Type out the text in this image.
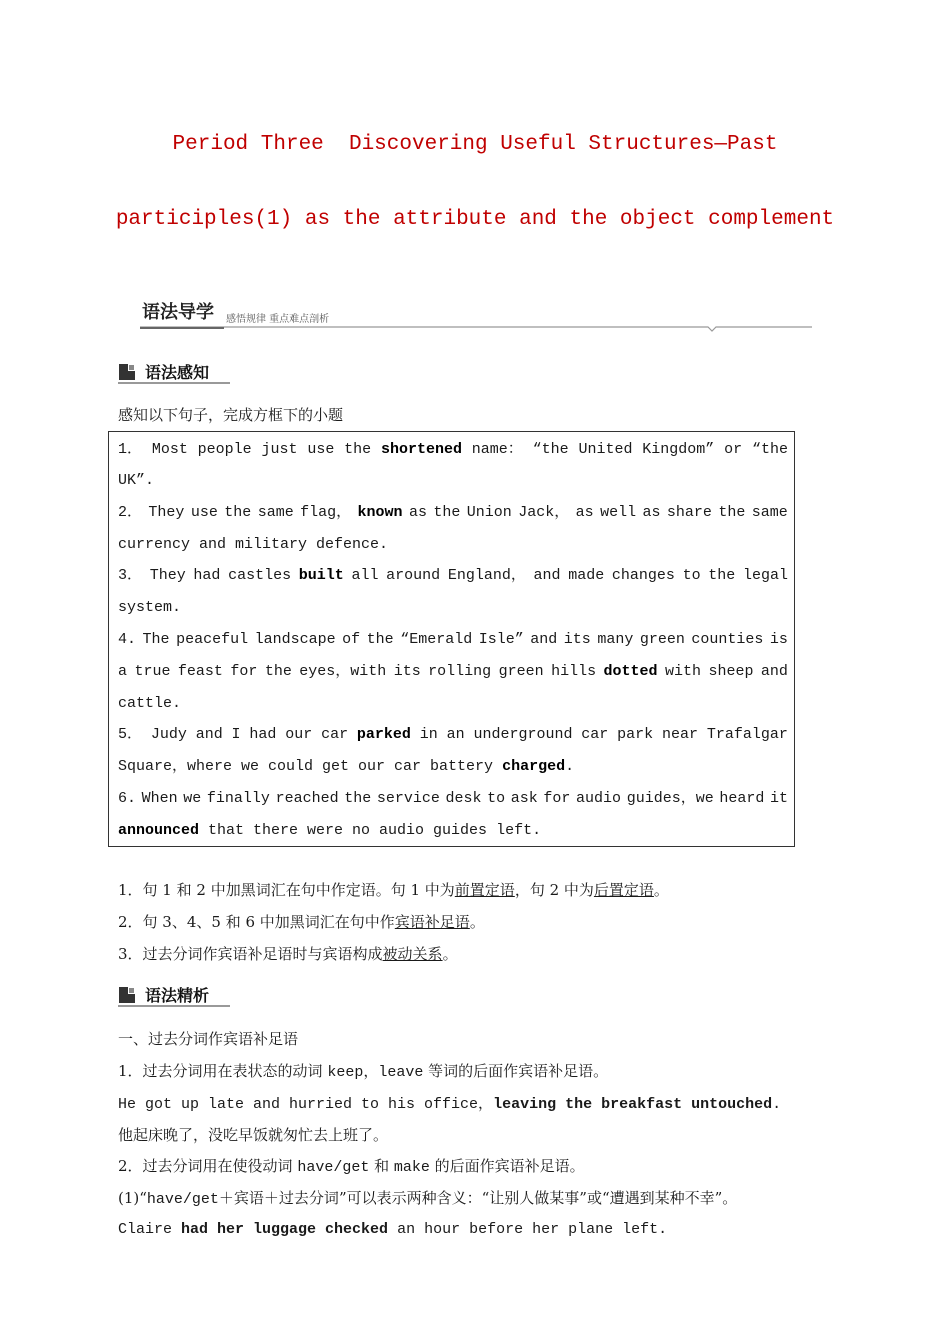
Period Three  Discovering Useful Structures—Past
participles(1) as the attribute and the object complement
语法导学 感悟规律 重点难点剖析
语法感知
感知以下句子，完成方框下的小题
1． Most people just use the shortened name： “the United Kingdom” or “the
UK”.
2． They use the same flag， known as the Union Jack， as well as share the same
currency and military defence.
3． They had castles built all around England， and made changes to the legal
system.
4. The peaceful landscape of the “Emerald Isle” and its many green counties is
a true feast for the eyes，with its rolling green hills dotted with sheep and
cattle.
5． Judy and I had our car parked in an underground car park near Trafalgar
Square，where we could get our car battery charged .
6. When we finally reached the service desk to ask for audio guides，we heard it
announced that there were no audio guides left.
1．句 1 和 2 中加黑词汇在句中作定语。句 1 中为前置定语，句 2 中为后置定语。
2．句 3、4、5 和 6 中加黑词汇在句中作宾语补足语。
3．过去分词作宾语补足语时与宾语构成被动关系。
语法精析
一、过去分词作宾语补足语
1．过去分词用在表状态的动词 keep，leave 等词的后面作宾语补足语。
He got up late and hurried to his office，leaving the breakfast untouched.
他起床晚了，没吃早饭就匆忙去上班了。
2．过去分词用在使役动词 have/get 和 make 的后面作宾语补足语。
(1)“have/get＋宾语＋过去分词”可以表示两种含义：“让别人做某事”或“遭遇到某种不幸”。
Claire had her luggage checked an hour before her plane left.
